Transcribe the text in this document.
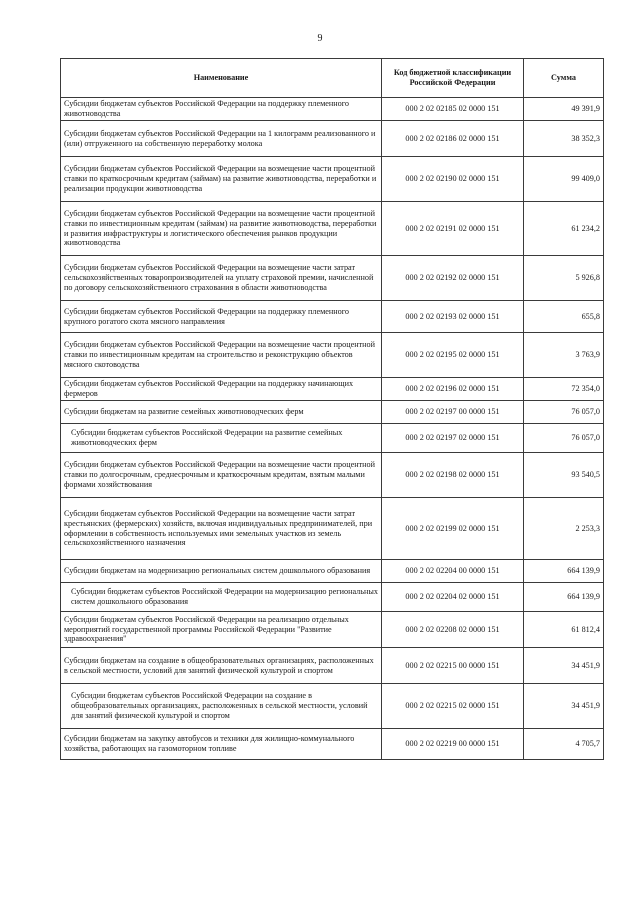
9
Наименование	Код бюджетной классификации Российской Федерации	Сумма
Субсидии бюджетам субъектов Российской Федерации на поддержку племенного животноводства	000 2 02 02185 02 0000 151	49 391,9
Субсидии бюджетам субъектов Российской Федерации на 1 килограмм реализованного и (или) отгруженного на собственную переработку молока	000 2 02 02186 02 0000 151	38 352,3
Субсидии бюджетам субъектов Российской Федерации на возмещение части процентной ставки по краткосрочным кредитам (займам) на развитие животноводства, переработки и реализации продукции животноводства	000 2 02 02190 02 0000 151	99 409,0
Субсидии бюджетам субъектов Российской Федерации на возмещение части процентной ставки по инвестиционным кредитам (займам) на развитие животноводства, переработки и развития инфраструктуры и логистического обеспечения рынков продукции животноводства	000 2 02 02191 02 0000 151	61 234,2
Субсидии бюджетам субъектов Российской Федерации на возмещение части затрат сельскохозяйственных товаропроизводителей на уплату страховой премии, начисленной по договору сельскохозяйственного страхования в области животноводства	000 2 02 02192 02 0000 151	5 926,8
Субсидии бюджетам субъектов Российской Федерации на поддержку племенного крупного рогатого скота мясного направления	000 2 02 02193 02 0000 151	655,8
Субсидии бюджетам субъектов Российской Федерации на возмещение части процентной ставки по инвестиционным кредитам на строительство и реконструкцию объектов мясного скотоводства	000 2 02 02195 02 0000 151	3 763,9
Субсидии бюджетам субъектов Российской Федерации на поддержку начинающих фермеров	000 2 02 02196 02 0000 151	72 354,0
Субсидии бюджетам на развитие семейных животноводческих ферм	000 2 02 02197 00 0000 151	76 057,0
Субсидии бюджетам субъектов Российской Федерации на развитие семейных животноводческих ферм	000 2 02 02197 02 0000 151	76 057,0
Субсидии бюджетам субъектов Российской Федерации на возмещение части процентной ставки по долгосрочным, среднесрочным и краткосрочным кредитам, взятым малыми формами хозяйствования	000 2 02 02198 02 0000 151	93 540,5
Субсидии бюджетам субъектов Российской Федерации на возмещение части затрат крестьянских (фермерских) хозяйств, включая индивидуальных предпринимателей, при оформлении в собственность используемых ими земельных участков из земель сельскохозяйственного назначения	000 2 02 02199 02 0000 151	2 253,3
Субсидии бюджетам на модернизацию региональных систем дошкольного образования	000 2 02 02204 00 0000 151	664 139,9
Субсидии бюджетам субъектов Российской Федерации на модернизацию региональных систем дошкольного образования	000 2 02 02204 02 0000 151	664 139,9
Субсидии бюджетам субъектов Российской Федерации на реализацию отдельных мероприятий государственной программы Российской Федерации "Развитие здравоохранения"	000 2 02 02208 02 0000 151	61 812,4
Субсидии бюджетам на создание в общеобразовательных организациях, расположенных в сельской местности, условий для занятий физической культурой и спортом	000 2 02 02215 00 0000 151	34 451,9
Субсидии бюджетам субъектов Российской Федерации на создание в общеобразовательных организациях, расположенных в сельской местности, условий для занятий физической культурой и спортом	000 2 02 02215 02 0000 151	34 451,9
Субсидии бюджетам на закупку автобусов и техники для жилищно-коммунального хозяйства, работающих на газомоторном топливе	000 2 02 02219 00 0000 151	4 705,7
